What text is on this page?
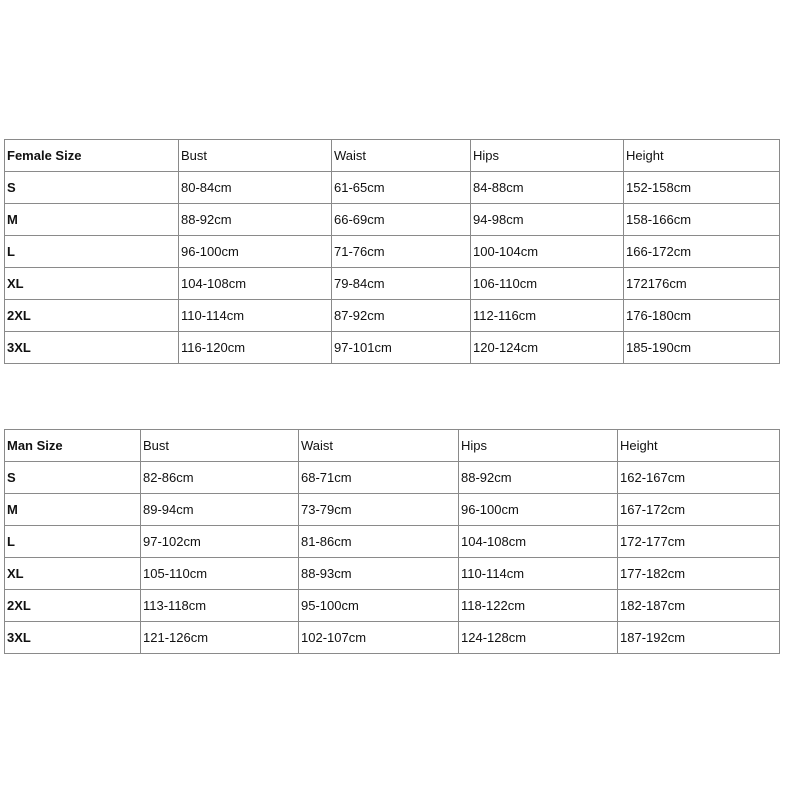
Female Size	Bust	Waist	Hips	Height
S	80-84cm	61-65cm	84-88cm	152-158cm
M	88-92cm	66-69cm	94-98cm	158-166cm
L	96-100cm	71-76cm	100-104cm	166-172cm
XL	104-108cm	79-84cm	106-110cm	172176cm
2XL	110-114cm	87-92cm	112-116cm	176-180cm
3XL	116-120cm	97-101cm	120-124cm	185-190cm
Man Size	Bust	Waist	Hips	Height
S	82-86cm	68-71cm	88-92cm	162-167cm
M	89-94cm	73-79cm	96-100cm	167-172cm
L	97-102cm	81-86cm	104-108cm	172-177cm
XL	105-110cm	88-93cm	110-114cm	177-182cm
2XL	113-118cm	95-100cm	118-122cm	182-187cm
3XL	121-126cm	102-107cm	124-128cm	187-192cm
